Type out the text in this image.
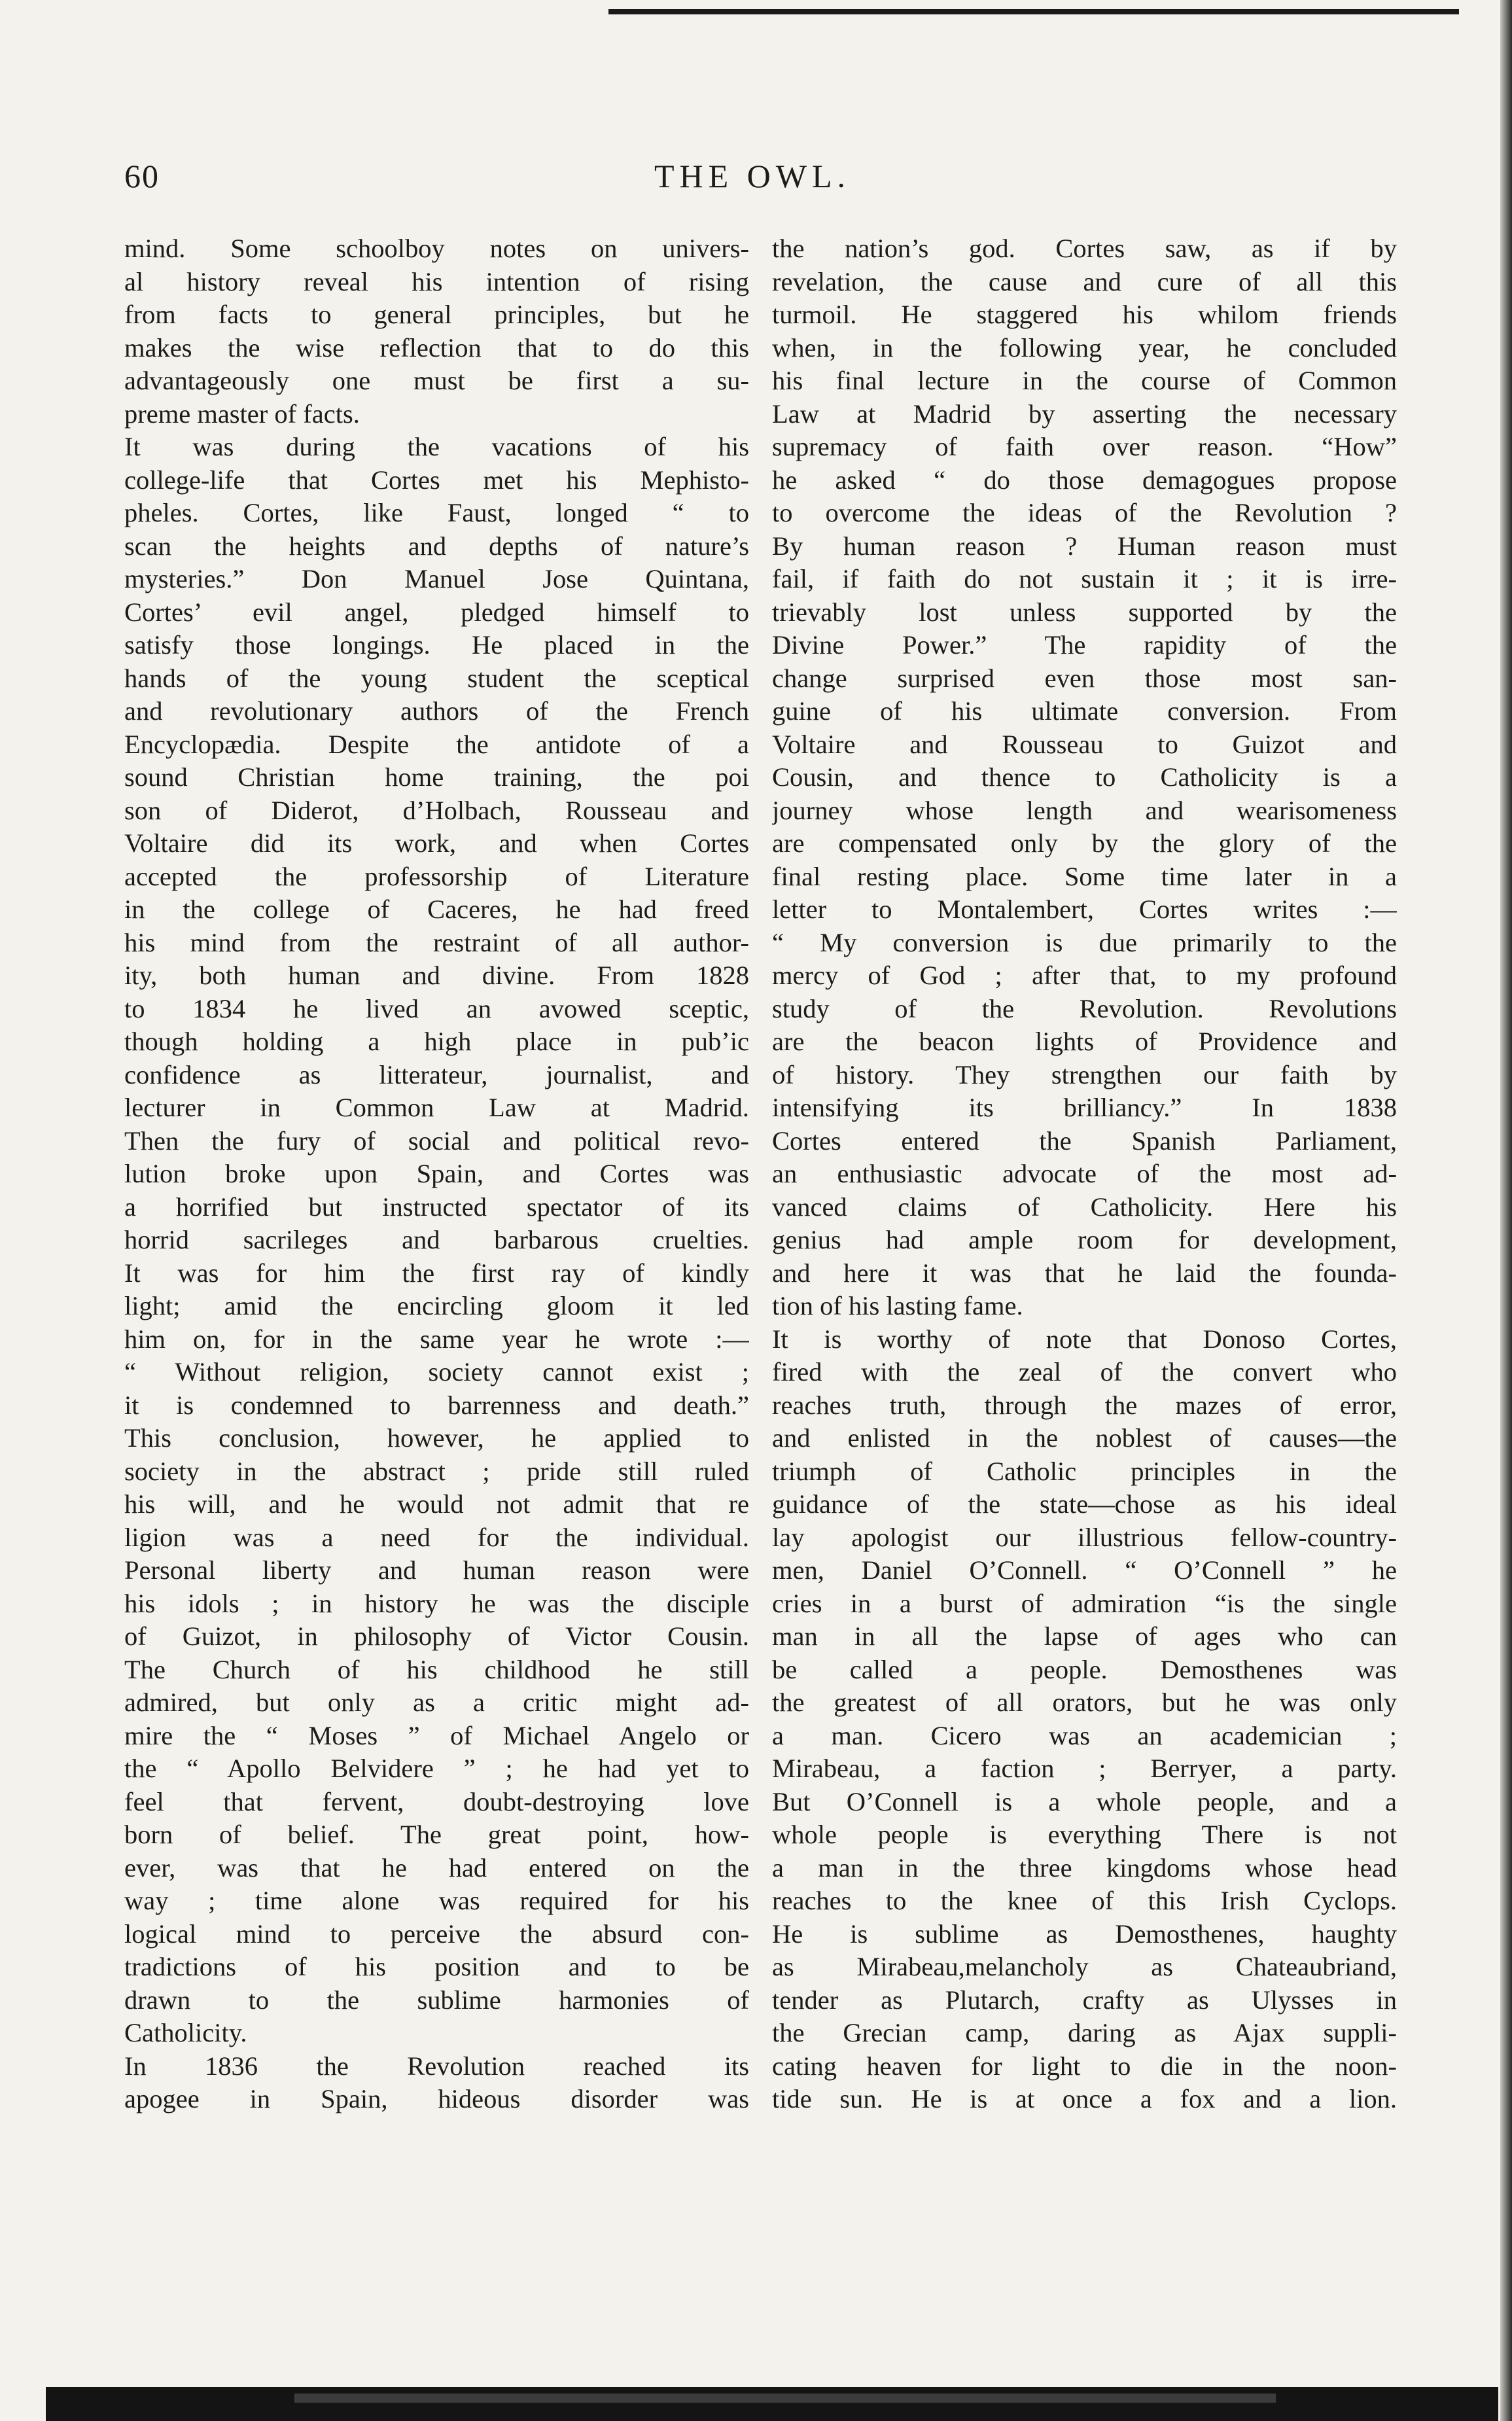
60	THE OWL.
mind. Some schoolboy notes on univers-
al history reveal his intention of rising
from facts to general principles, but he
makes the wise reflection that to do this
advantageously one must be first a su-
preme master of facts.
It was during the vacations of his
college-life that Cortes met his Mephisto-
pheles. Cortes, like Faust, longed “ to
scan the heights and depths of nature’s
mysteries.” Don Manuel Jose Quintana,
Cortes’ evil angel, pledged himself to
satisfy those longings. He placed in the
hands of the young student the sceptical
and revolutionary authors of the French
Encyclopædia. Despite the antidote of a
sound Christian home training, the poi
son of Diderot, d’Holbach, Rousseau and
Voltaire did its work, and when Cortes
accepted the professorship of Literature
in the college of Caceres, he had freed
his mind from the restraint of all author-
ity, both human and divine. From 1828
to 1834 he lived an avowed sceptic,
though holding a high place in pub’ic
confidence as litterateur, journalist, and
lecturer in Common Law at Madrid.
Then the fury of social and political revo-
lution broke upon Spain, and Cortes was
a horrified but instructed spectator of its
horrid sacrileges and barbarous cruelties.
It was for him the first ray of kindly
light; amid the encircling gloom it led
him on, for in the same year he wrote :—
“ Without religion, society cannot exist ;
it is condemned to barrenness and death.”
This conclusion, however, he applied to
society in the abstract ; pride still ruled
his will, and he would not admit that re
ligion was a need for the individual.
Personal liberty and human reason were
his idols ; in history he was the disciple
of Guizot, in philosophy of Victor Cousin.
The Church of his childhood he still
admired, but only as a critic might ad-
mire the “ Moses ” of Michael Angelo or
the “ Apollo Belvidere ” ; he had yet to
feel that fervent, doubt-destroying love
born of belief. The great point, how-
ever, was that he had entered on the
way ; time alone was required for his
logical mind to perceive the absurd con-
tradictions of his position and to be
drawn to the sublime harmonies of
Catholicity.
In 1836 the Revolution reached its
apogee in Spain, hideous disorder was
the nation’s god. Cortes saw, as if by
revelation, the cause and cure of all this
turmoil. He staggered his whilom friends
when, in the following year, he concluded
his final lecture in the course of Common
Law at Madrid by asserting the necessary
supremacy of faith over reason. “How”
he asked “ do those demagogues propose
to overcome the ideas of the Revolution ?
By human reason ? Human reason must
fail, if faith do not sustain it ; it is irre-
trievably lost unless supported by the
Divine Power.” The rapidity of the
change surprised even those most san-
guine of his ultimate conversion. From
Voltaire and Rousseau to Guizot and
Cousin, and thence to Catholicity is a
journey whose length and wearisomeness
are compensated only by the glory of the
final resting place. Some time later in a
letter to Montalembert, Cortes writes :—
“ My conversion is due primarily to the
mercy of God ; after that, to my profound
study of the Revolution. Revolutions
are the beacon lights of Providence and
of history. They strengthen our faith by
intensifying its brilliancy.” In 1838
Cortes entered the Spanish Parliament,
an enthusiastic advocate of the most ad-
vanced claims of Catholicity. Here his
genius had ample room for development,
and here it was that he laid the founda-
tion of his lasting fame.
It is worthy of note that Donoso Cortes,
fired with the zeal of the convert who
reaches truth, through the mazes of error,
and enlisted in the noblest of causes—the
triumph of Catholic principles in the
guidance of the state—chose as his ideal
lay apologist our illustrious fellow-country-
men, Daniel O’Connell. “ O’Connell ” he
cries in a burst of admiration “is the single
man in all the lapse of ages who can
be called a people. Demosthenes was
the greatest of all orators, but he was only
a man. Cicero was an academician ;
Mirabeau, a faction ; Berryer, a party.
But O’Connell is a whole people, and a
whole people is everything There is not
a man in the three kingdoms whose head
reaches to the knee of this Irish Cyclops.
He is sublime as Demosthenes, haughty
as Mirabeau,melancholy as Chateaubriand,
tender as Plutarch, crafty as Ulysses in
the Grecian camp, daring as Ajax suppli-
cating heaven for light to die in the noon-
tide sun. He is at once a fox and a lion.
